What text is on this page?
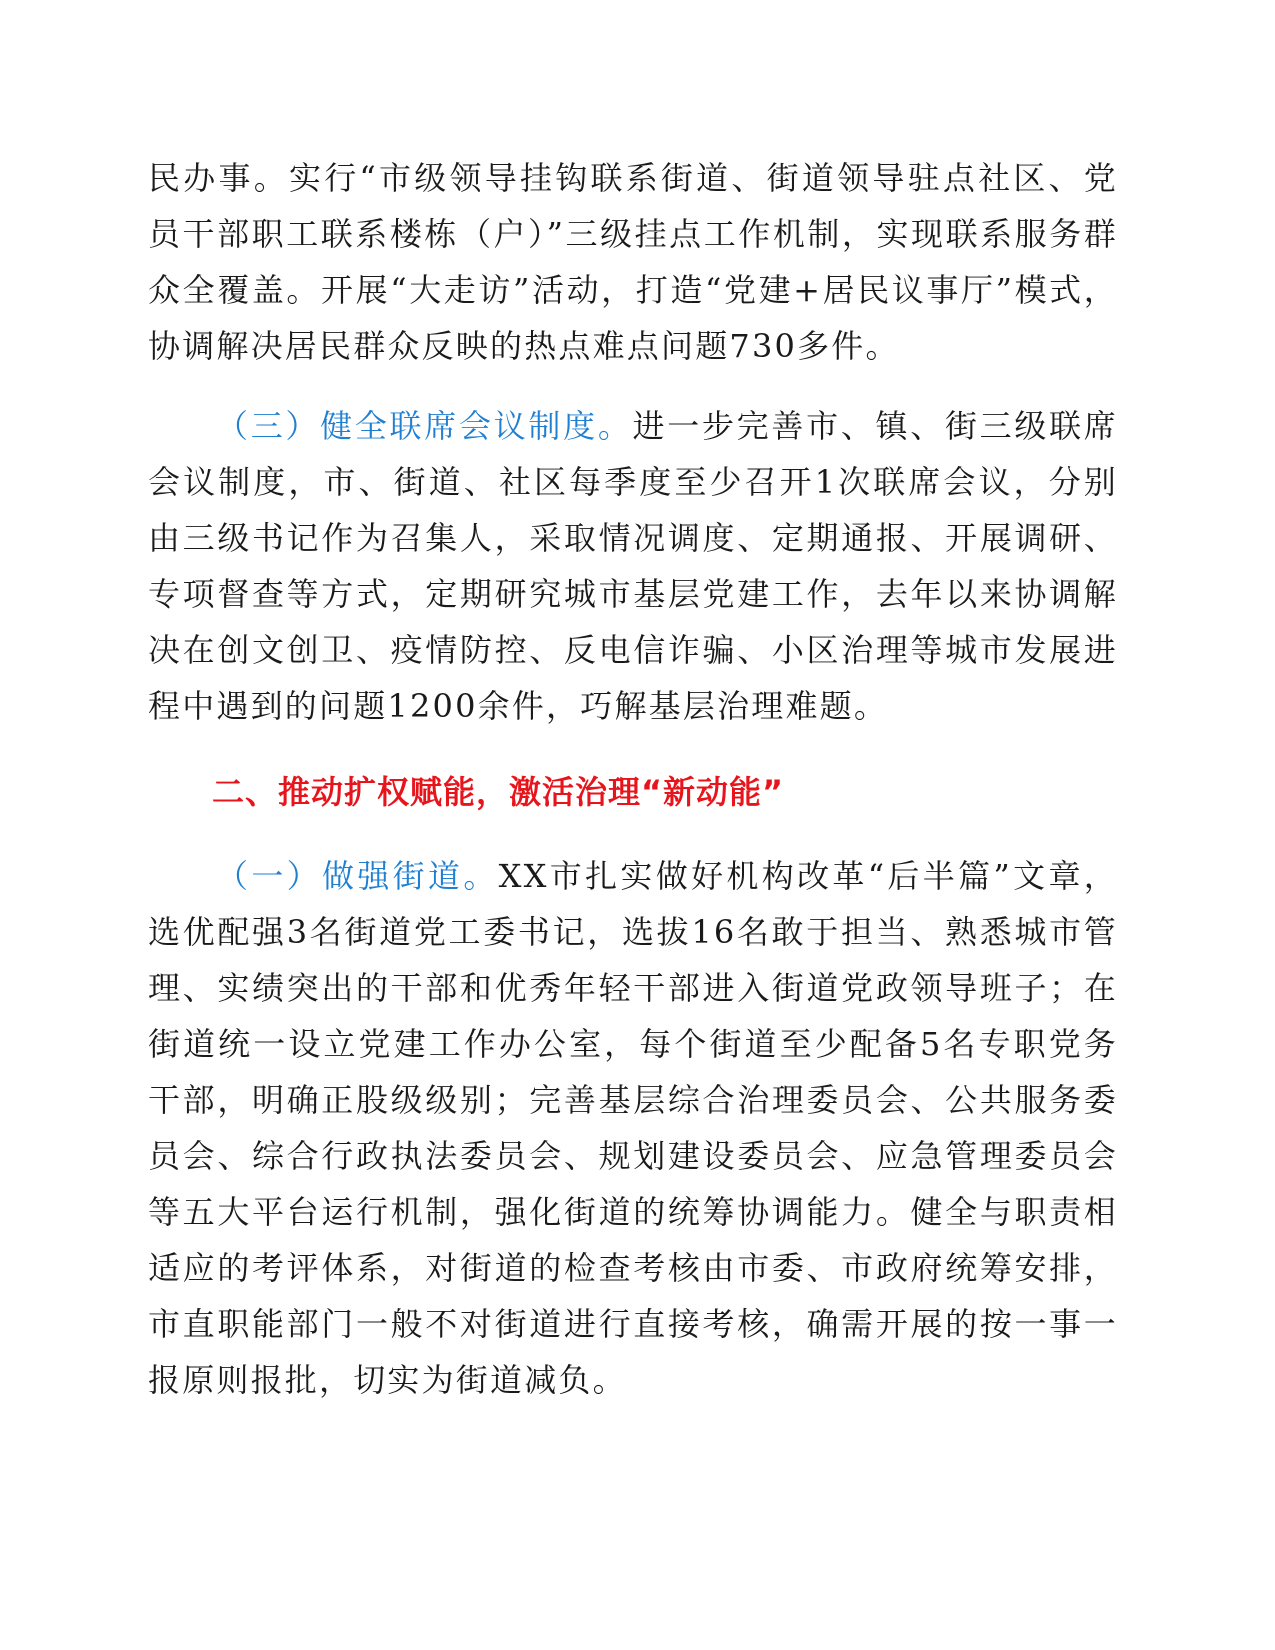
民办事。实行“市级领导挂钩联系街道、街道领导驻点社区、党员干部职工联系楼栋（户）”三级挂点工作机制，实现联系服务群众全覆盖。开展“大走访”活动，打造“党建+居民议事厅”模式，协调解决居民群众反映的热点难点问题730多件。

（三）健全联席会议制度。进一步完善市、镇、街三级联席会议制度，市、街道、社区每季度至少召开1次联席会议，分别由三级书记作为召集人，采取情况调度、定期通报、开展调研、专项督查等方式，定期研究城市基层党建工作，去年以来协调解决在创文创卫、疫情防控、反电信诈骗、小区治理等城市发展进程中遇到的问题1200余件，巧解基层治理难题。

二、推动扩权赋能，激活治理“新动能”

（一）做强街道。XX市扎实做好机构改革“后半篇”文章，选优配强3名街道党工委书记，选拔16名敢于担当、熟悉城市管理、实绩突出的干部和优秀年轻干部进入街道党政领导班子；在街道统一设立党建工作办公室，每个街道至少配备5名专职党务干部，明确正股级级别；完善基层综合治理委员会、公共服务委员会、综合行政执法委员会、规划建设委员会、应急管理委员会等五大平台运行机制，强化街道的统筹协调能力。健全与职责相适应的考评体系，对街道的检查考核由市委、市政府统筹安排，市直职能部门一般不对街道进行直接考核，确需开展的按一事一报原则报批，切实为街道减负。
